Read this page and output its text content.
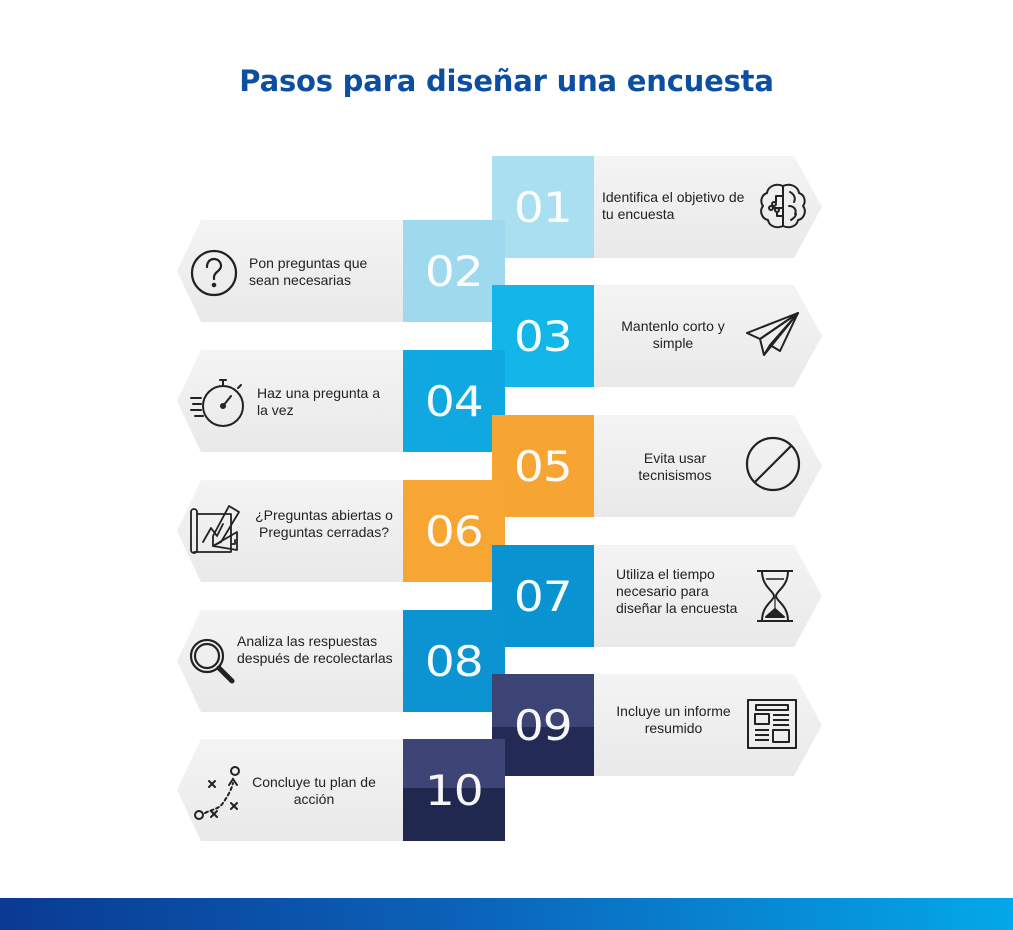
Pasos para diseñar una encuesta
01 Identifica el objetivo de tu encuesta
02
Pon preguntas que sean necesarias
03	Mantenlo corto y simple
04
Haz una pregunta a la vez
05	Evita usar tecnisismos
06
¿Preguntas abiertas o Preguntas cerradas?
07	Utiliza el tiempo necesario para diseñar la encuesta
08
Analiza las respuestas después de recolectarlas
09	Incluye un informe resumido
10
Concluye tu plan de acción
